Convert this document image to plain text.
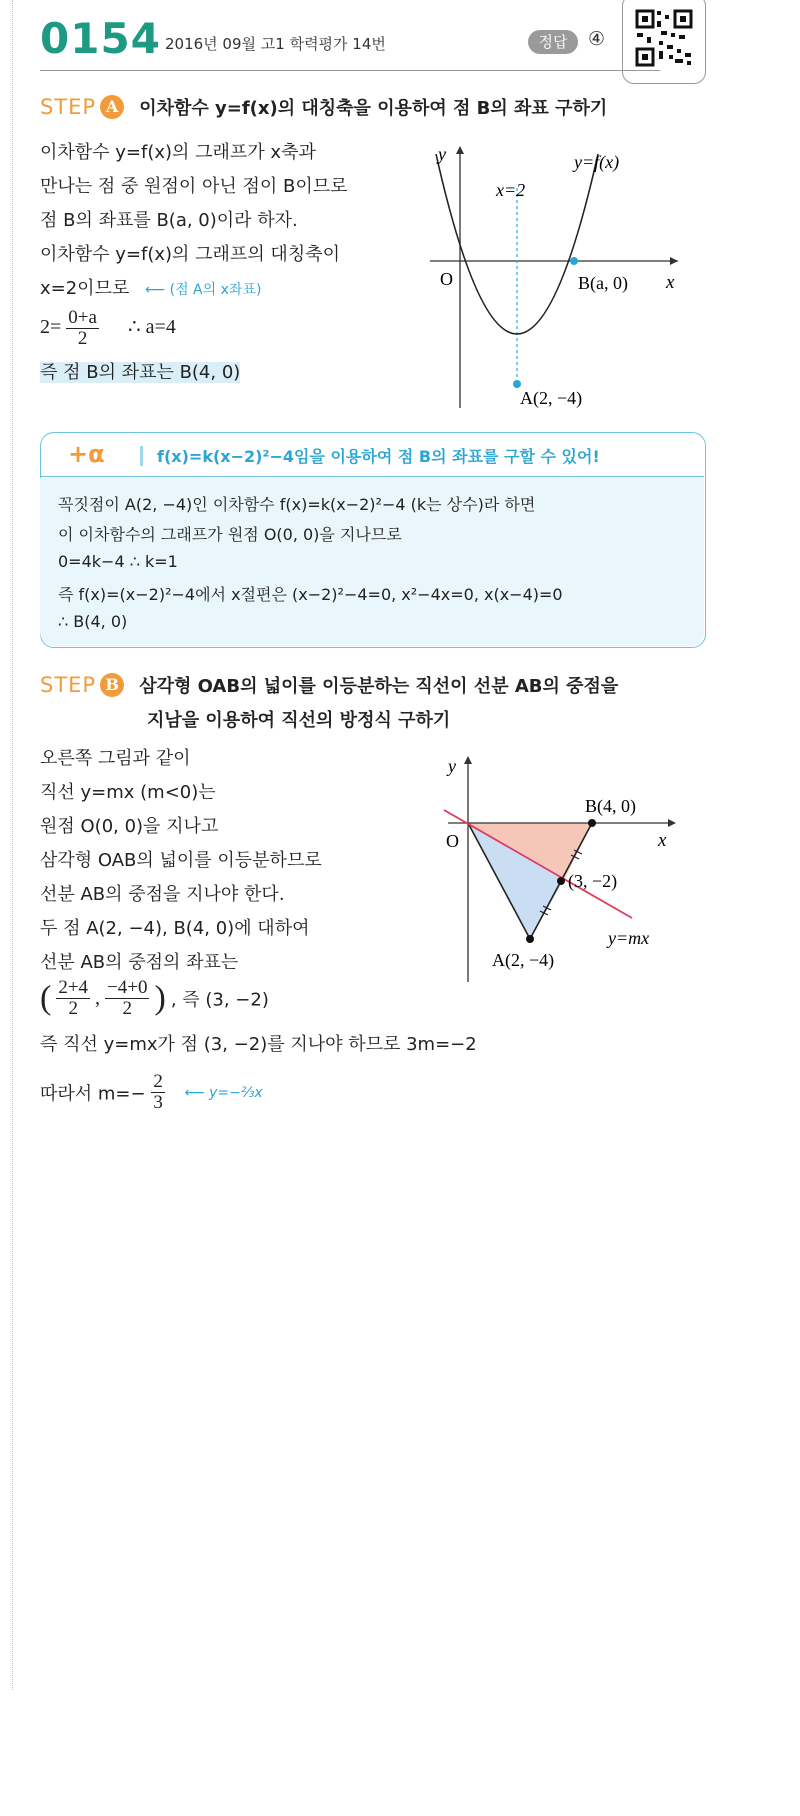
0154 2016년 09월 고1 학력평가 14번	정답	④
STEP A 이차함수 y=f(x)의 대칭축을 이용하여 점 B의 좌표 구하기
이차함수 y=f(x)의 그래프가 x축과
만나는 점 중 원점이 아닌 점이 B이므로
점 B의 좌표를 B(a, 0)이라 하자.
이차함수 y=f(x)의 그래프의 대칭축이
x=2이므로 ⟵ (점 A의 x좌표)
$2= \frac{0+a}{2}$ ∴ a=4
즉 점 B의 좌표는 B(4, 0)
y
x
O
y=f(x)
x=2
B(a, 0)
A(2, −4)
+α	f(x)=k(x−2)²−4임을 이용하여 점 B의 좌표를 구할 수 있어!
꼭짓점이 A(2, −4)인 이차함수 f(x)=k(x−2)²−4 (k는 상수)라 하면
이 이차함수의 그래프가 원점 O(0, 0)을 지나므로
0=4k−4 ∴ k=1
즉 f(x)=(x−2)²−4에서 x절편은 (x−2)²−4=0, x²−4x=0, x(x−4)=0
∴ B(4, 0)
STEP B 삼각형 OAB의 넓이를 이등분하는 직선이 선분 AB의 중점을
지남을 이용하여 직선의 방정식 구하기
오른쪽 그림과 같이
직선 y=mx (m<0)는
원점 O(0, 0)을 지나고
삼각형 OAB의 넓이를 이등분하므로
선분 AB의 중점을 지나야 한다.
두 점 A(2, −4), B(4, 0)에 대하여
선분 AB의 중점의 좌표는
( $\frac{2+4}{2}$ , $\frac{-4+0}{2}$ ) , 즉 (3, −2)
즉 직선 y=mx가 점 (3, −2)를 지나야 하므로 3m=−2
따라서 $m=- \frac{2}{3}$ ⟵ y=−⅔x
y
x
O
B(4, 0)
(3, −2)
A(2, −4)
y=mx
